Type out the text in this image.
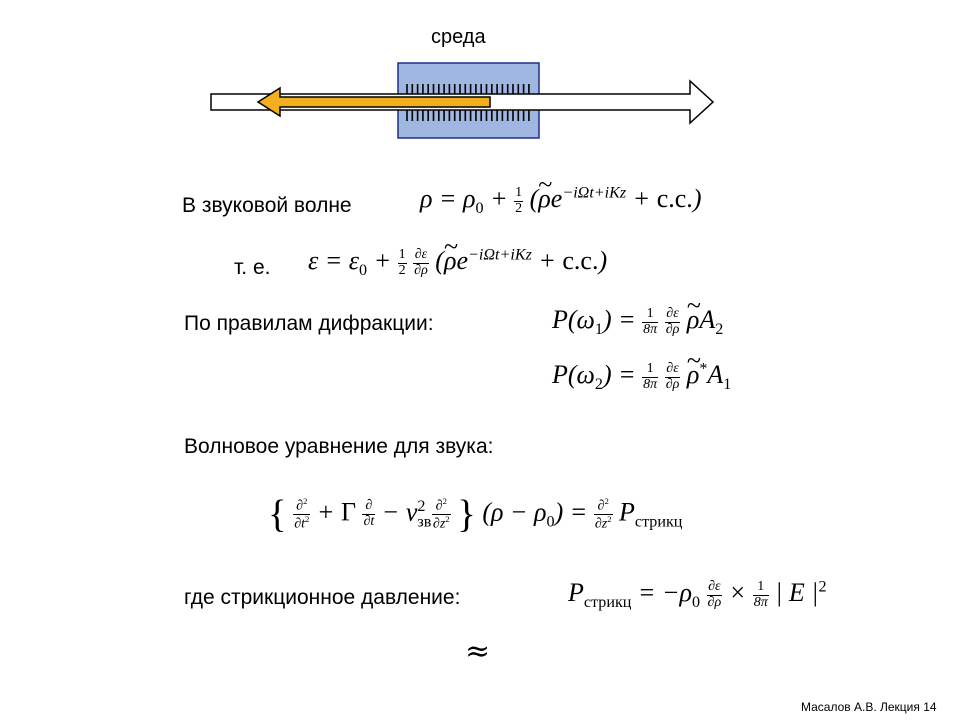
среда
В звуковой волне	$\rho = \rho_0 + \frac{1}{2}$ (~ $\rho e^{-i\Omega t+iKz} + c.c$.)
т. е. $\varepsilon = \varepsilon_0 + \frac{1}{2}$
$\frac{\partial\varepsilon}{\partial\rho}$ (~ $\rho e^{-i\Omega t+iKz} + c.c$.)
По правилам дифракции:	$P(\omega_1) = \frac{1}{8\pi}$
$\frac{\partial\varepsilon}{\partial\rho}$ ~ $\rho A_2$
$P(\omega_2) = \frac{1}{8\pi}$
$\frac{\partial\varepsilon}{\partial\rho}$ ~ $\rho^*A_1$
Волновое уравнение для звука:
{ $\frac{\partial^2}{\partial t^2} + \Gamma \frac{\partial}{\partial t} - v_{зв}^2 \frac{\partial^2}{\partial z^2}$ } $(\rho - \rho_0) = \frac{\partial^2}{\partial z^2} P_{стрикц}$
где стрикционное давление:	$P_{стрикц} = -\rho_0 \frac{\partial\varepsilon}{\partial\rho} \times \frac{1}{8\pi}$ | E $|^2$
≈
Масалов А.В. Лекция 14
